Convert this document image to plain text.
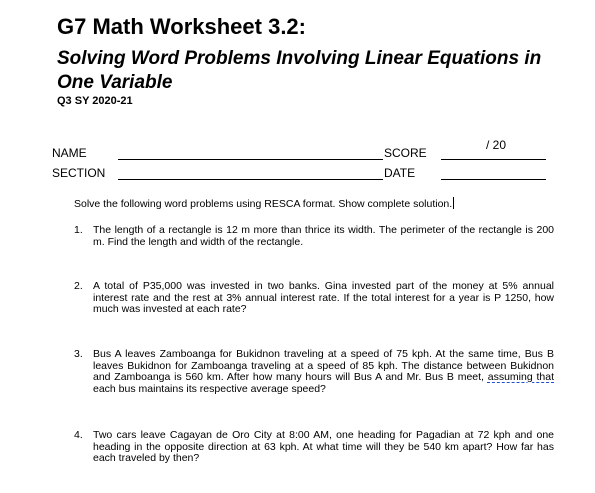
G7 Math Worksheet 3.2:
Solving Word Problems Involving Linear Equations in One Variable
Q3 SY 2020-21
NAME	SCORE
/ 20
SECTION	DATE
Solve the following word problems using RESCA format. Show complete solution.
1. The length of a rectangle is 12 m more than thrice its width. The perimeter of the rectangle is 200 m. Find the length and width of the rectangle.

2. A total of P35,000 was invested in two banks. Gina invested part of the money at 5% annual interest rate and the rest at 3% annual interest rate. If the total interest for a year is P 1250, how much was invested at each rate?

3. Bus A leaves Zamboanga for Bukidnon traveling at a speed of 75 kph. At the same time, Bus B leaves Bukidnon for Zamboanga traveling at a speed of 85 kph. The distance between Bukidnon and Zamboanga is 560 km. After how many hours will Bus A and Mr. Bus B meet, assuming that each bus maintains its respective average speed?

4. Two cars leave Cagayan de Oro City at 8:00 AM, one heading for Pagadian at 72 kph and one heading in the opposite direction at 63 kph. At what time will they be 540 km apart? How far has each traveled by then?
